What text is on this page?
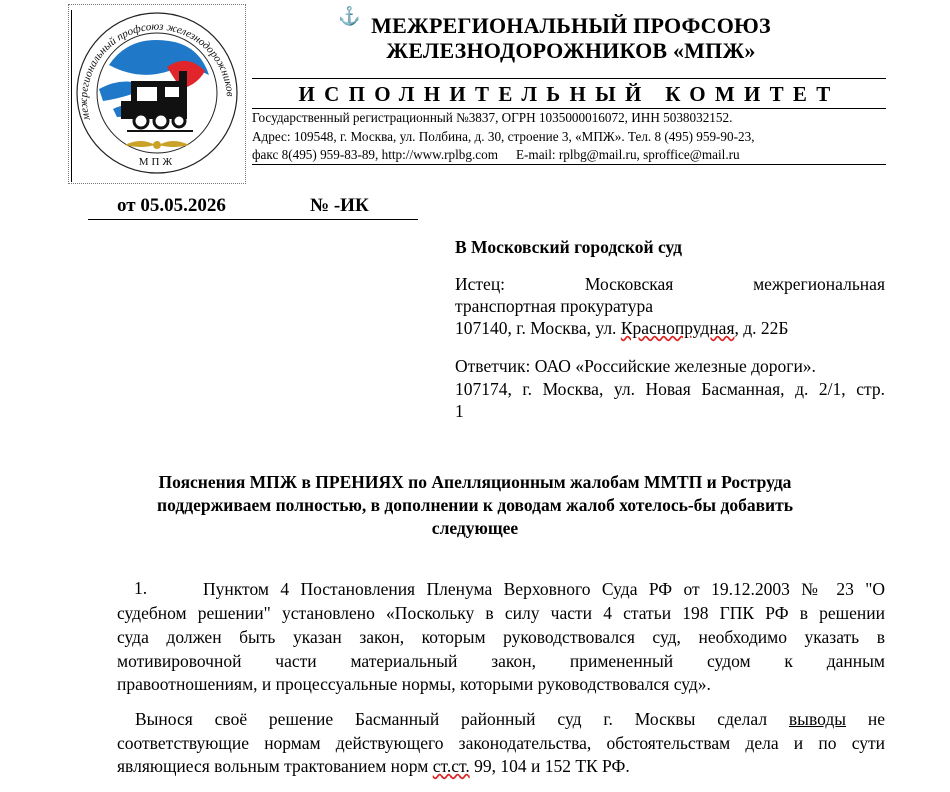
межрегиональный профсоюз железнодорожников
МПЖ
⚓ МЕЖРЕГИОНАЛЬНЫЙ ПРОФСОЮЗ
ЖЕЛЕЗНОДОРОЖНИКОВ «МПЖ»
ИСПОЛНИТЕЛЬНЫЙ КОМИТЕТ
Государственный регистрационный №3837, ОГРН 1035000016072, ИНН 5038032152.
Адрес: 109548, г. Москва, ул. Полбина, д. 30, строение 3, «МПЖ». Тел. 8 (495) 959-90-23,
факс 8(495) 959-83-89, http://www.rplbg.com E-mail: rplbg@mail.ru, sproffice@mail.ru
от 05.05.2026	№ -ИК
В Московский городской суд
Истец:	Московская	межрегиональная
транспортная прокуратура
107140, г. Москва, ул. Краснопрудная, д. 22Б
Ответчик: ОАО «Российские железные дороги».
107174, г. Москва, ул. Новая Басманная, д. 2/1, стр.
1
Пояснения МПЖ в ПРЕНИЯХ по Апелляционным жалобам ММТП и Роструда
поддерживаем полностью, в дополнении к доводам жалоб хотелось-бы добавить
следующее
1.	Пунктом 4 Постановления Пленума Верховного Суда РФ от 19.12.2003 № 23 "О
судебном решении" установлено «Поскольку в силу части 4 статьи 198 ГПК РФ в решении
суда должен быть указан закон, которым руководствовался суд, необходимо указать в
мотивировочной части материальный закон, примененный судом к данным
правоотношениям, и процессуальные нормы, которыми руководствовался суд».
Вынося своё решение Басманный районный суд г. Москвы сделал выводы не
соответствующие нормам действующего законодательства, обстоятельствам дела и по сути
являющиеся вольным трактованием норм ст.ст. 99, 104 и 152 ТК РФ.
